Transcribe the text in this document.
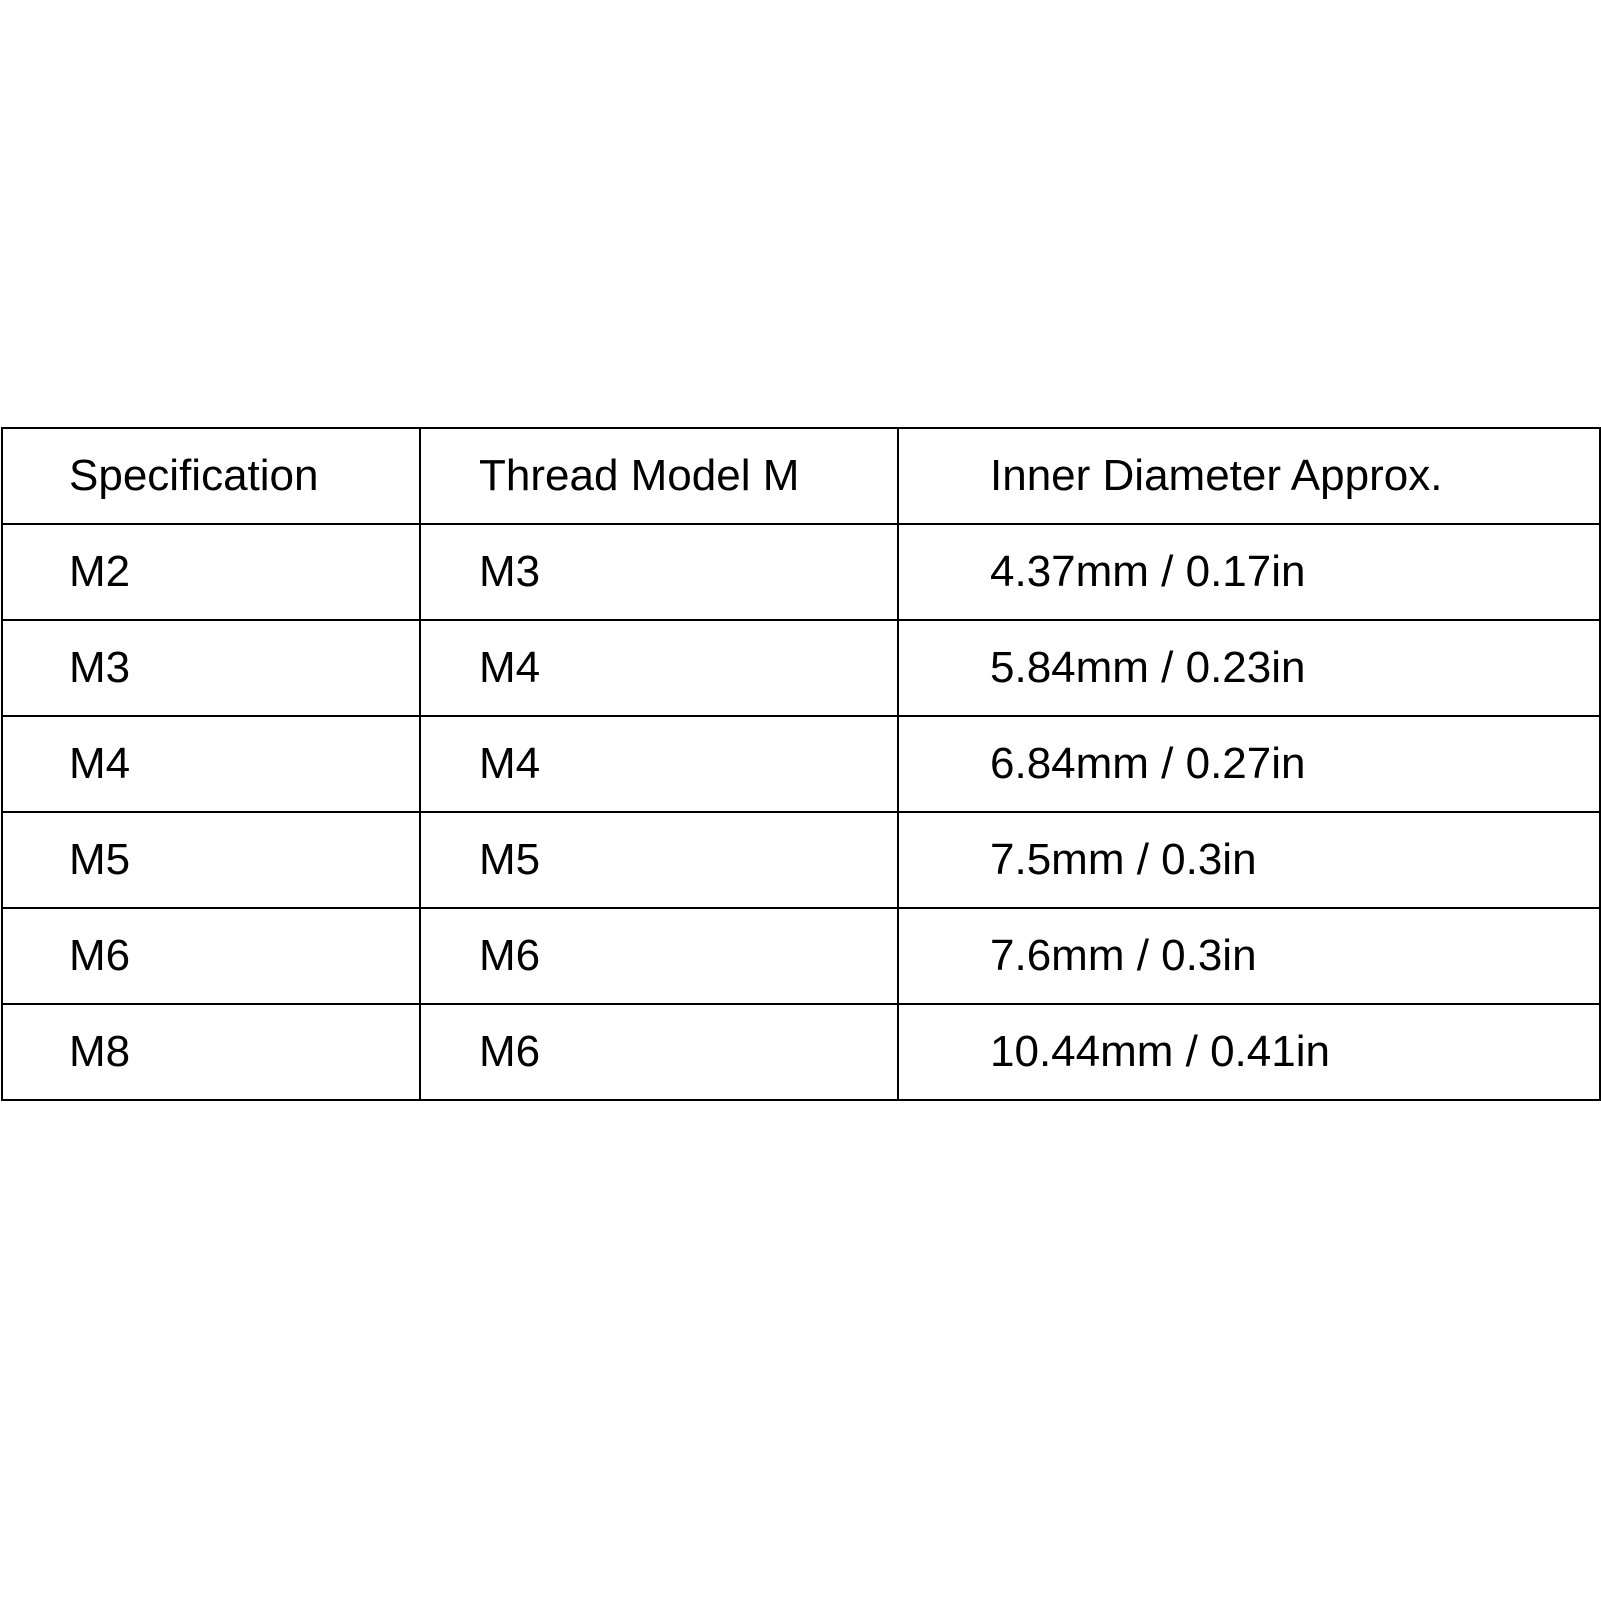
Specification	Thread Model M	Inner Diameter Approx.
M2	M3	4.37mm / 0.17in
M3	M4	5.84mm / 0.23in
M4	M4	6.84mm / 0.27in
M5	M5	7.5mm / 0.3in
M6	M6	7.6mm / 0.3in
M8	M6	10.44mm / 0.41in
